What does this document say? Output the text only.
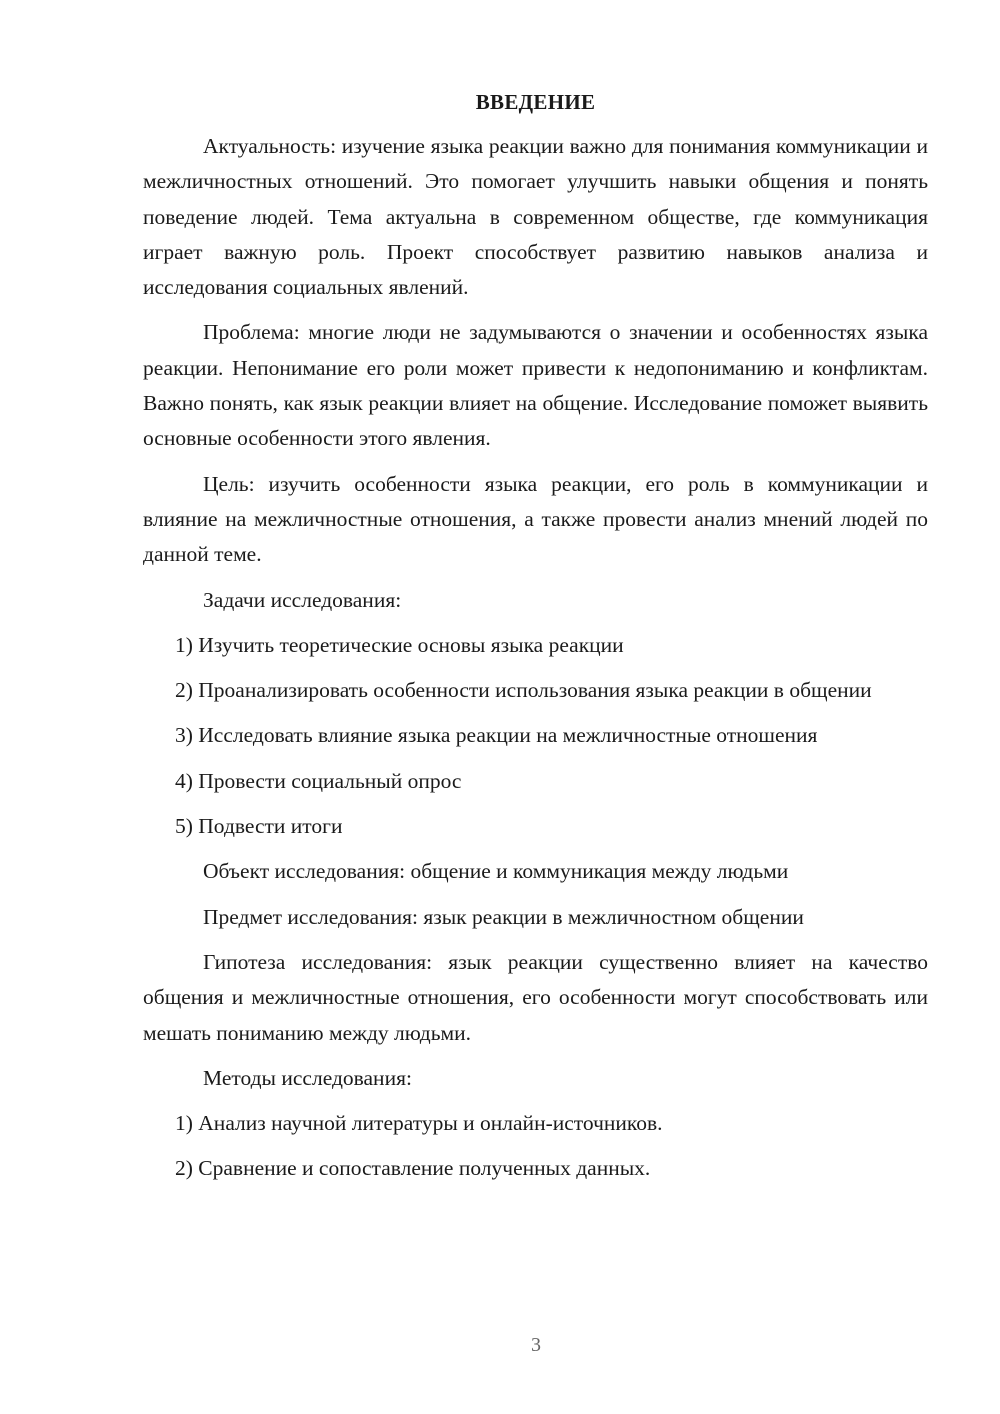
ВВЕДЕНИЕ
Актуальность: изучение языка реакции важно для понимания коммуникации и межличностных отношений. Это помогает улучшить навыки общения и понять поведение людей. Тема актуальна в современном обществе, где коммуникация играет важную роль. Проект способствует развитию навыков анализа и исследования социальных явлений.
Проблема: многие люди не задумываются о значении и особенностях языка реакции. Непонимание его роли может привести к недопониманию и конфликтам. Важно понять, как язык реакции влияет на общение. Исследование поможет выявить основные особенности этого явления.
Цель: изучить особенности языка реакции, его роль в коммуникации и влияние на межличностные отношения, а также провести анализ мнений людей по данной теме.
Задачи исследования:
1) Изучить теоретические основы языка реакции
2) Проанализировать особенности использования языка реакции в общении
3) Исследовать влияние языка реакции на межличностные отношения
4) Провести социальный опрос
5) Подвести итоги
Объект исследования: общение и коммуникация между людьми
Предмет исследования: язык реакции в межличностном общении
Гипотеза исследования: язык реакции существенно влияет на качество общения и межличностные отношения, его особенности могут способствовать или мешать пониманию между людьми.
Методы исследования:
1) Анализ научной литературы и онлайн-источников.
2) Сравнение и сопоставление полученных данных.
3
